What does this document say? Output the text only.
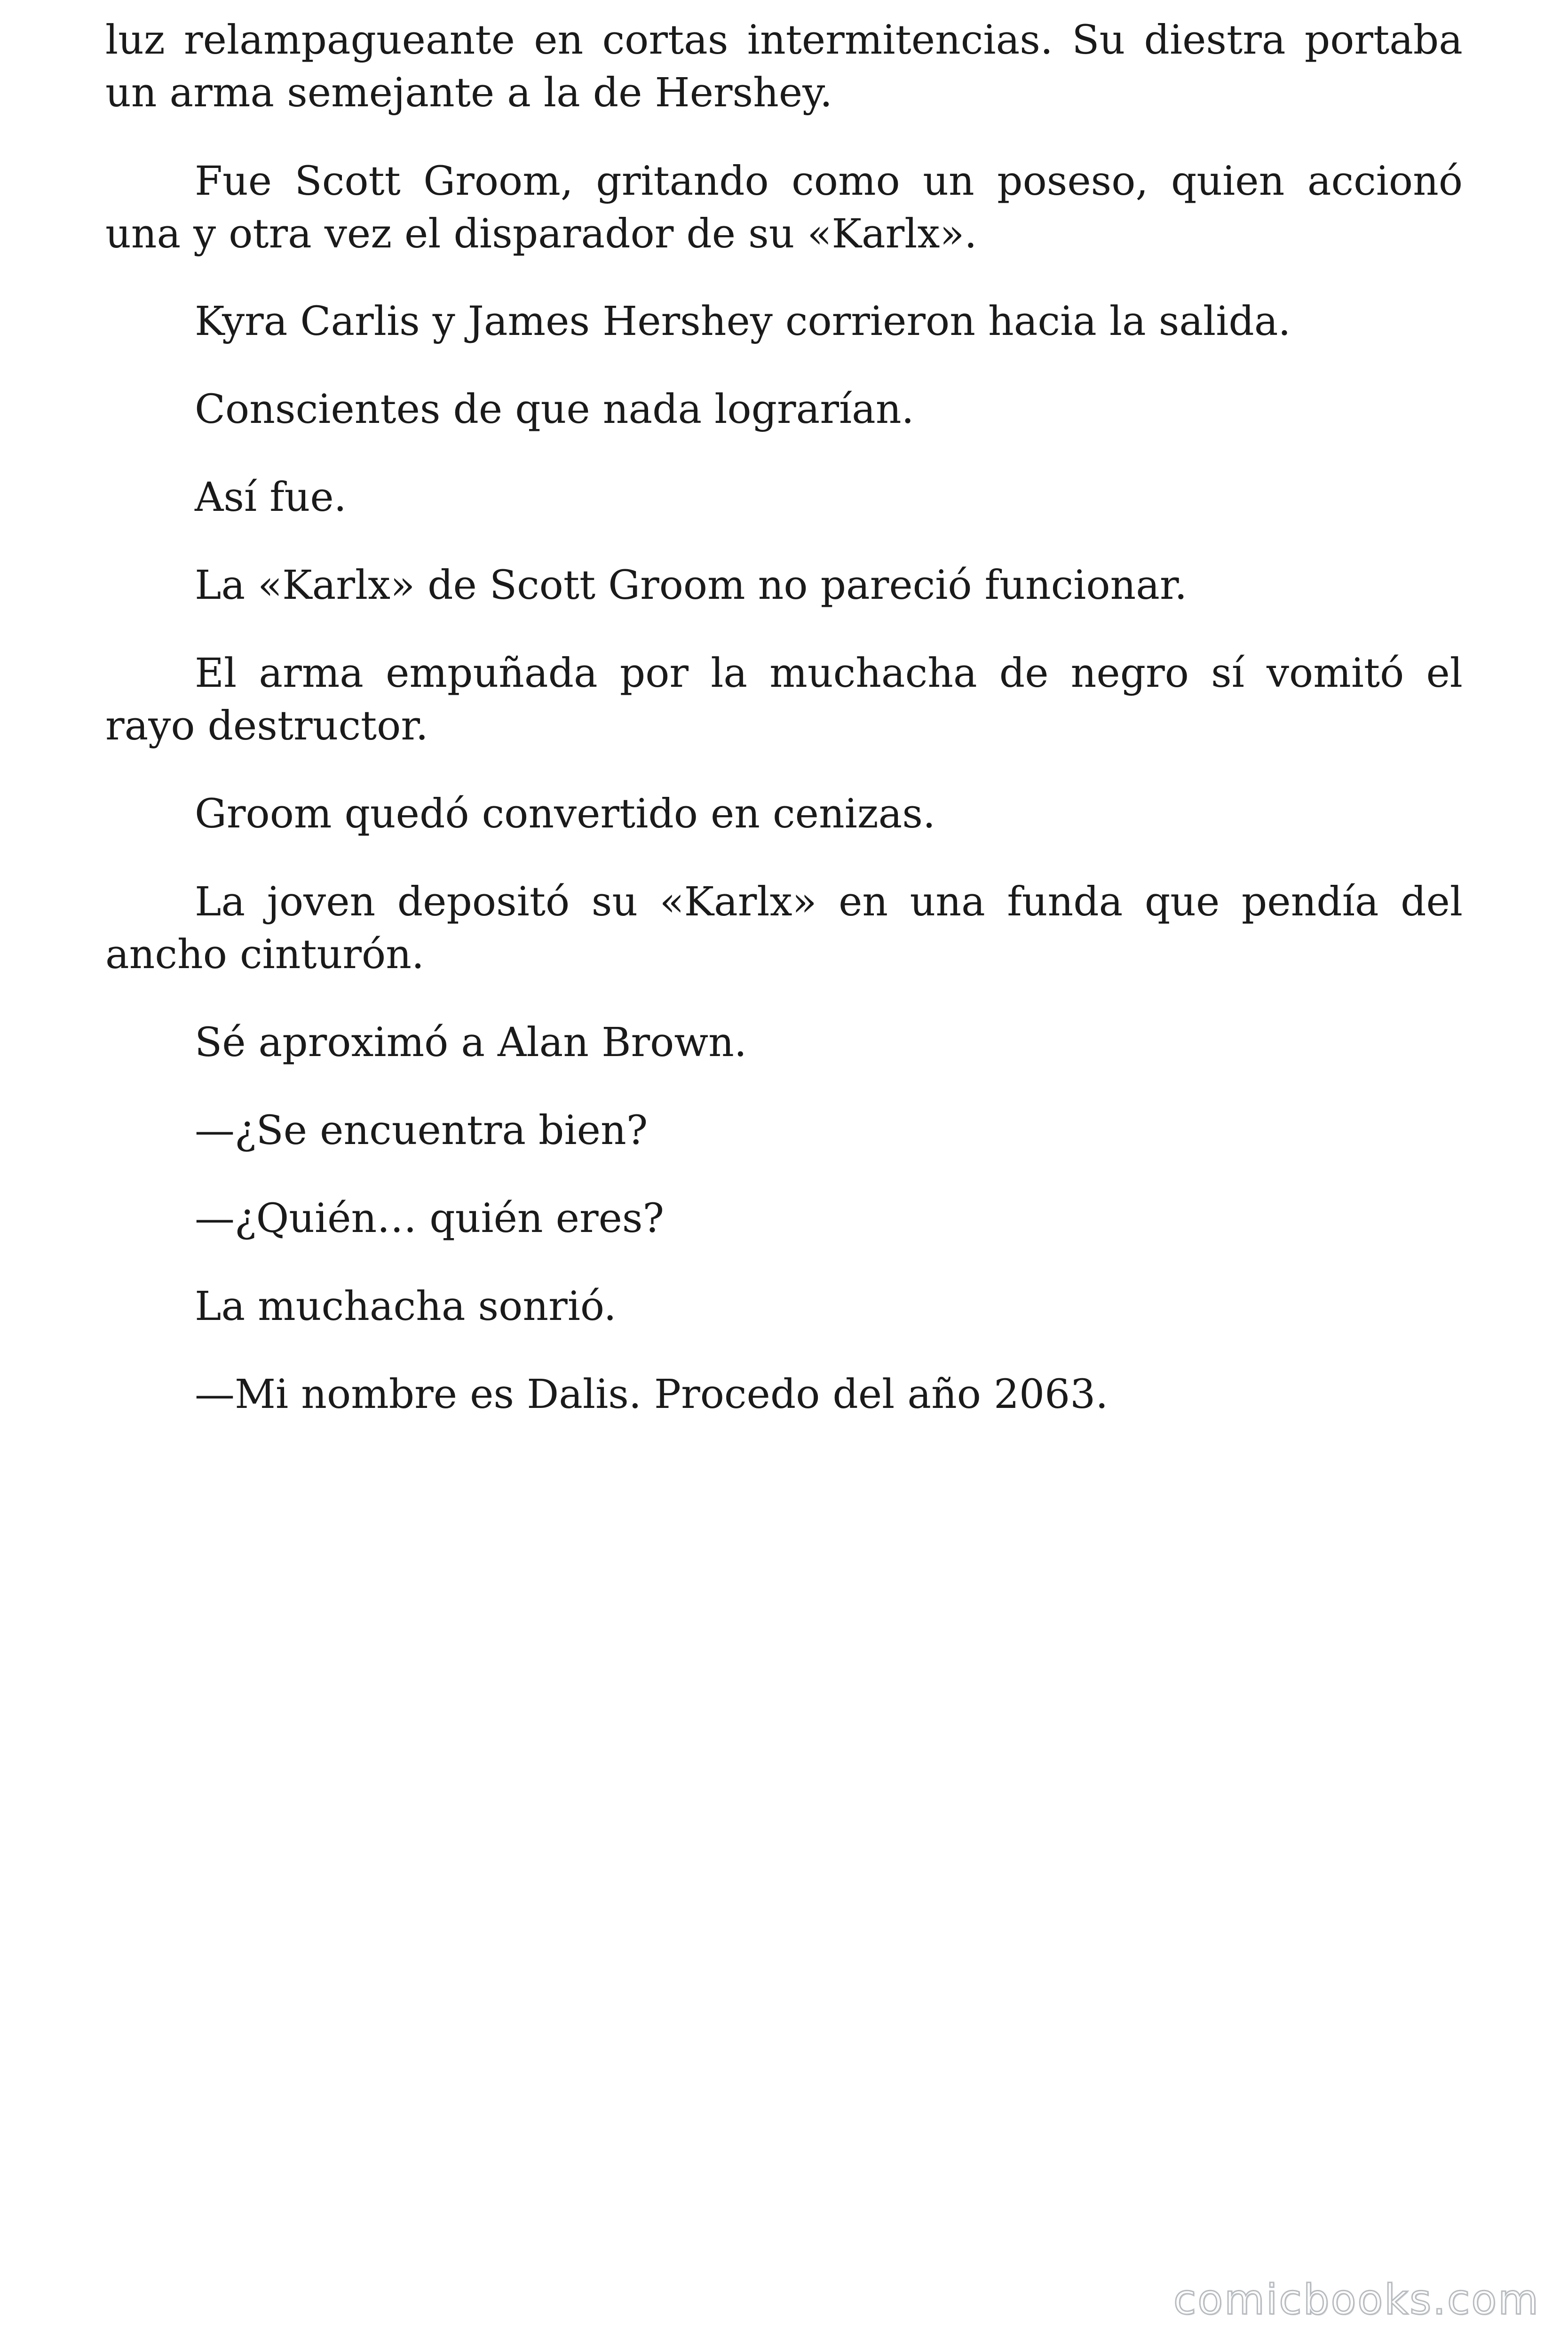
luz relampagueante en cortas intermitencias. Su diestra portaba un arma semejante a la de Hershey.

Fue Scott Groom, gritando como un poseso, quien accionó una y otra vez el disparador de su «Karlx».

Kyra Carlis y James Hershey corrieron hacia la salida.

Conscientes de que nada lograrían.

Así fue.

La «Karlx» de Scott Groom no pareció funcionar.

El arma empuñada por la muchacha de negro sí vomitó el rayo destructor.

Groom quedó convertido en cenizas.

La joven depositó su «Karlx» en una funda que pendía del ancho cinturón.

Sé aproximó a Alan Brown.

—¿Se encuentra bien?

—¿Quién… quién eres?

La muchacha sonrió.

—Mi nombre es Dalis. Procedo del año 2063.

comicbooks.com
